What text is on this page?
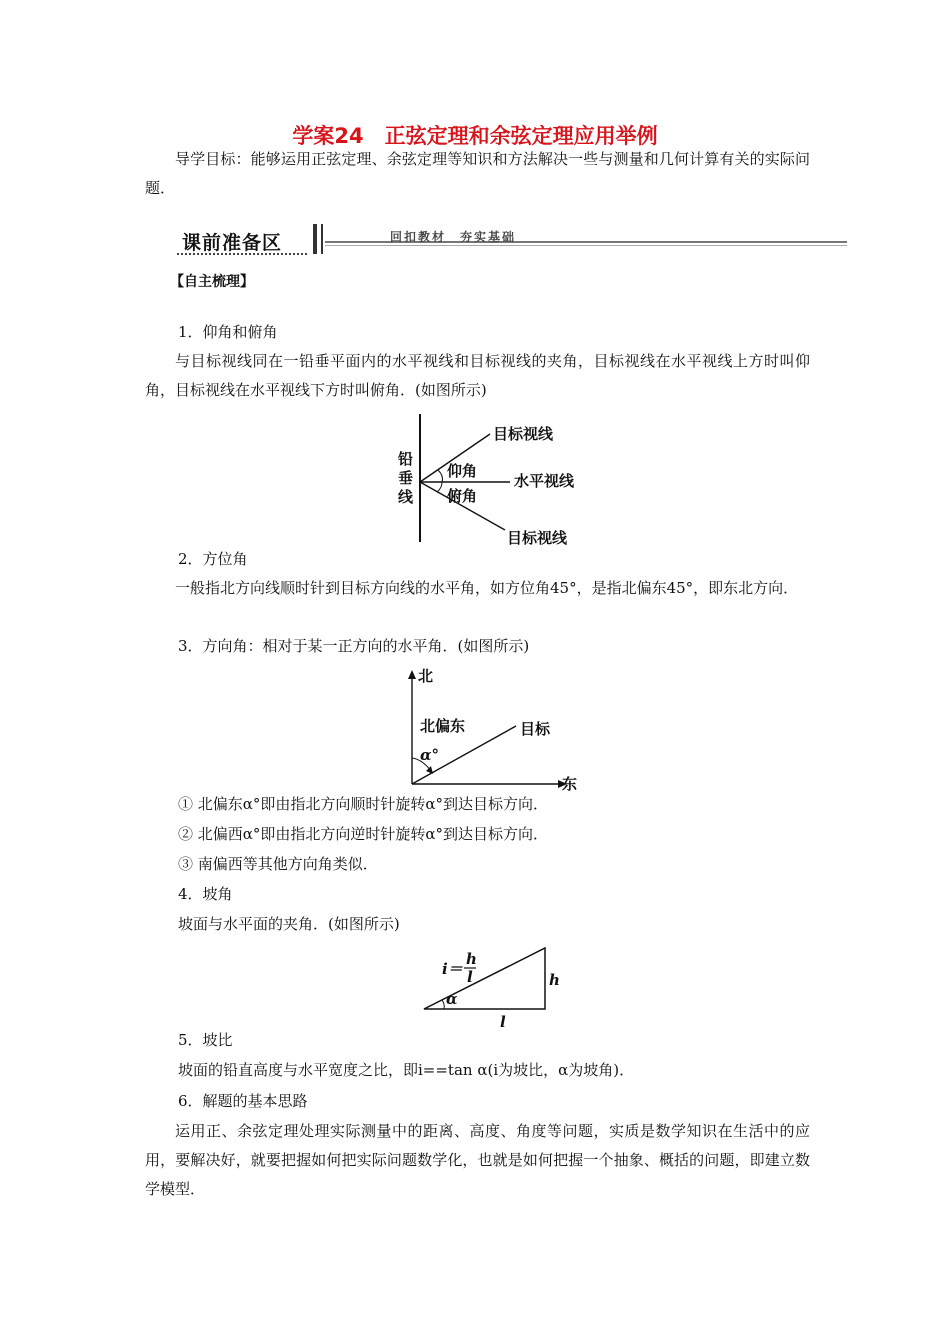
学案24　正弦定理和余弦定理应用举例
导学目标：能够运用正弦定理、余弦定理等知识和方法解决一些与测量和几何计算有关的实际问题．
课前准备区	回扣教材　夯实基础
【自主梳理】
1．仰角和俯角
与目标视线同在一铅垂平面内的水平视线和目标视线的夹角，目标视线在水平视线上方时叫仰角，目标视线在水平视线下方时叫俯角．(如图所示)
目标视线
水平视线
目标视线
仰角
俯角
铅
垂
线
2．方位角
一般指北方向线顺时针到目标方向线的水平角，如方位角45°，是指北偏东45°，即东北方向．
3．方向角：相对于某一正方向的水平角．(如图所示)
北
东
北偏东	目标
α°
① 北偏东α°即由指北方向顺时针旋转α°到达目标方向．
② 北偏西α°即由指北方向逆时针旋转α°到达目标方向．
③ 南偏西等其他方向角类似．
4．坡角
坡面与水平面的夹角．(如图所示)
i＝
h
l
α
h
l
5．坡比
坡面的铅直高度与水平宽度之比，即i==tan α(i为坡比，α为坡角)．
6．解题的基本思路
运用正、余弦定理处理实际测量中的距离、高度、角度等问题，实质是数学知识在生活中的应用，要解决好，就要把握如何把实际问题数学化，也就是如何把握一个抽象、概括的问题，即建立数学模型．
